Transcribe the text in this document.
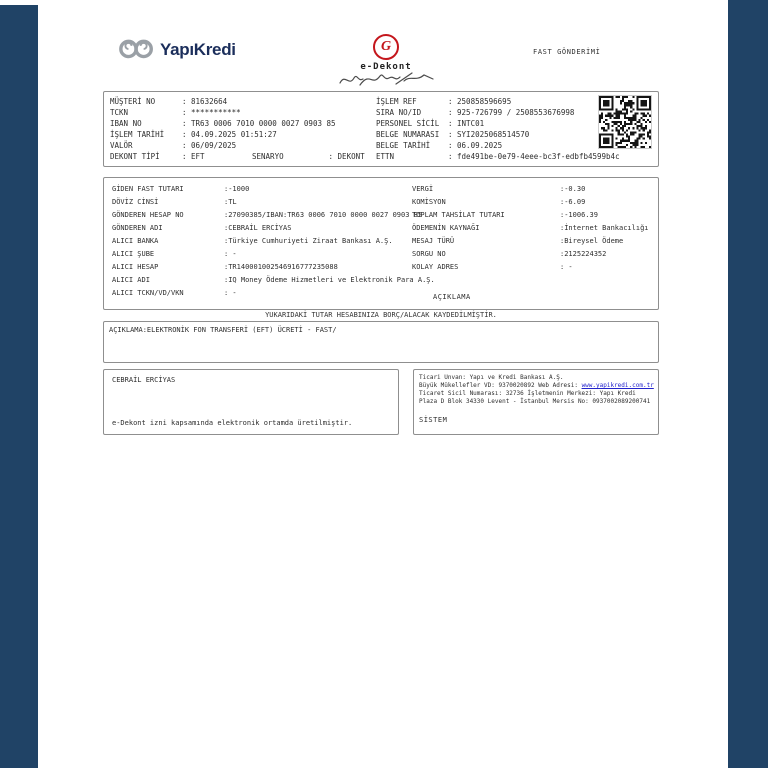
YapıKredi	G
e-Dekont
FAST GÖNDERİMİ
MÜŞTERİ NO	: 81632664
TCKN	: ***********
IBAN NO	: TR63 0006 7010 0000 0027 0903 85
İŞLEM TARİHİ	: 04.09.2025 01:51:27
VALÖR	: 06/09/2025
DEKONT TİPİ	: EFT	SENARYO	: DEKONT
İŞLEM REF	: 250858596695
SIRA NO/ID	: 925-726799 / 2508553676998
PERSONEL SİCİL	: INTC01
BELGE NUMARASI	: SYI2025068514570
BELGE TARİHİ	: 06.09.2025
ETTN	: fde491be-0e79-4eee-bc3f-edbfb4599b4c
GİDEN FAST TUTARI	:-1000
DÖVİZ CİNSİ	:TL
GÖNDEREN HESAP NO	:27090385/IBAN:TR63 0006 7010 0000 0027 0903 85
GÖNDEREN ADI	:CEBRAİL ERCİYAS
ALICI BANKA	:Türkiye Cumhuriyeti Ziraat Bankası A.Ş.
ALICI ŞUBE	: -
ALICI HESAP	:TR140001002546916777235088
ALICI ADI	:IQ Money Ödeme Hizmetleri ve Elektronik Para A.Ş.
ALICI TCKN/VD/VKN	: -
VERGİ	:-0.30
KOMİSYON	:-6.09
TOPLAM TAHSİLAT TUTARI	:-1006.39
ÖDEMENİN KAYNAĞI	:İnternet Bankacılığı
MESAJ TÜRÜ	:Bireysel Ödeme
SORGU NO	:2125224352
KOLAY ADRES	: -
AÇIKLAMA
YUKARIDAKİ TUTAR HESABINIZA BORÇ/ALACAK KAYDEDİLMİŞTİR.
AÇIKLAMA:ELEKTRONİK FON TRANSFERİ (EFT) ÜCRETİ - FAST/
CEBRAİL ERCİYAS
e-Dekont izni kapsamında elektronik ortamda üretilmiştir.
Ticari Unvan: Yapı ve Kredi Bankası A.Ş.
Büyük Mükellefler VD: 9370020892 Web Adresi: www.yapikredi.com.tr
Ticaret Sicil Numarası: 32736 İşletmenin Merkezi: Yapı Kredi
Plaza D Blok 34330 Levent - İstanbul Mersis No: 0937002089200741
SİSTEM
